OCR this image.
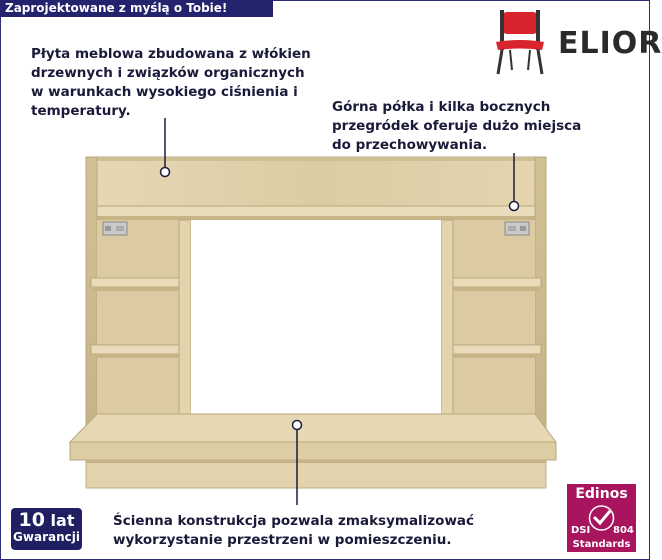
Zaprojektowane z myślą o Tobie!
ELIOR
Płyta meblowa zbudowana z włókien
drzewnych i związków organicznych
w warunkach wysokiego ciśnienia i
temperatury.	Górna półka i kilka bocznych
przegródek oferuje dużo miejsca
do przechowywania.
Ścienna konstrukcja pozwala zmaksymalizować
wykorzystanie przestrzeni w pomieszczeniu.
10 lat
Gwarancji
Edinos
DSI 804
Standards
